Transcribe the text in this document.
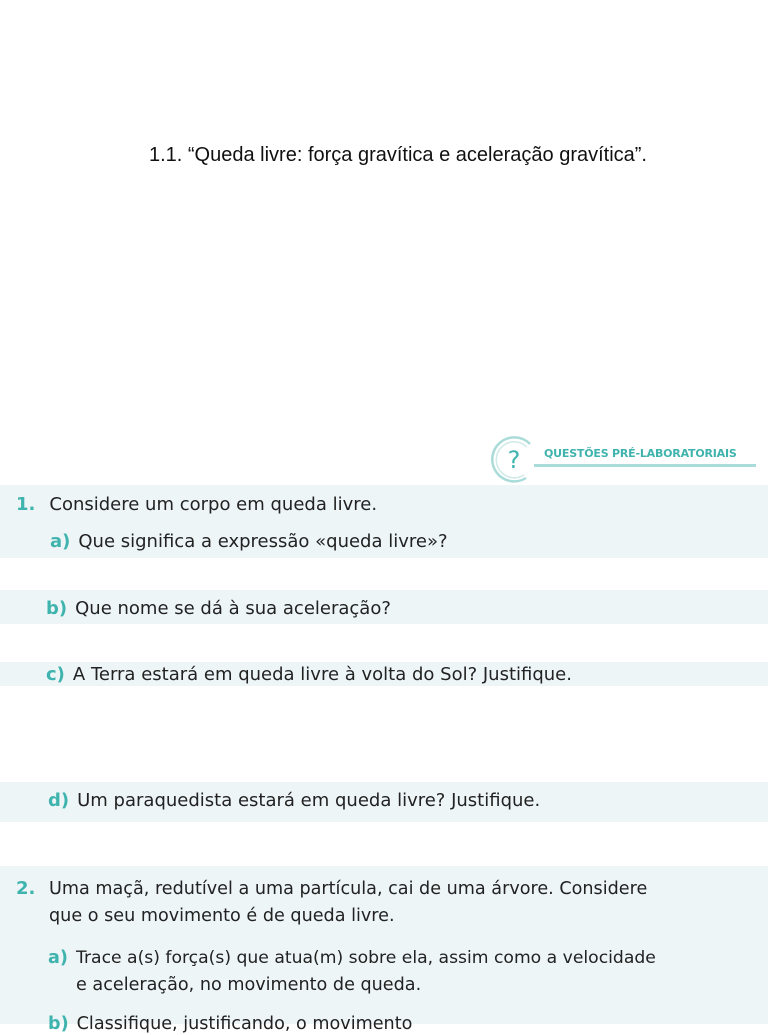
1.1. “Queda livre: força gravítica e aceleração gravítica”.
? QUESTÕES PRÉ-LABORATORIAIS
1. Considere um corpo em queda livre.
a) Que significa a expressão «queda livre»?
b) Que nome se dá à sua aceleração?
c) A Terra estará em queda livre à volta do Sol? Justifique.
d) Um paraquedista estará em queda livre? Justifique.
2. Uma maçã, redutível a uma partícula, cai de uma árvore. Considere
que o seu movimento é de queda livre.
a) Trace a(s) força(s) que atua(m) sobre ela, assim como a velocidade
e aceleração, no movimento de queda.
b) Classifique, justificando, o movimento
